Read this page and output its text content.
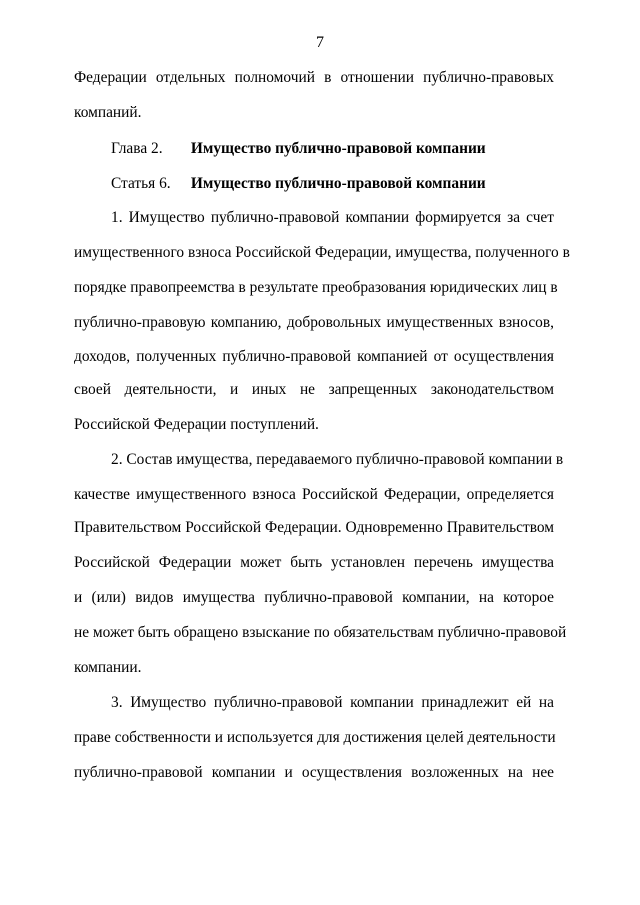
7
Федерации отдельных полномочий в отношении публично-правовых
компаний.
Глава 2. Имущество публично-правовой компании
Статья 6. Имущество публично-правовой компании
1. Имущество публично-правовой компании формируется за счет
имущественного взноса Российской Федерации, имущества, полученного в
порядке правопреемства в результате преобразования юридических лиц в
публично-правовую компанию, добровольных имущественных взносов,
доходов, полученных публично-правовой компанией от осуществления
своей деятельности, и иных не запрещенных законодательством
Российской Федерации поступлений.
2. Состав имущества, передаваемого публично-правовой компании в
качестве имущественного взноса Российской Федерации, определяется
Правительством Российской Федерации. Одновременно Правительством
Российской Федерации может быть установлен перечень имущества
и (или) видов имущества публично-правовой компании, на которое
не может быть обращено взыскание по обязательствам публично-правовой
компании.
3. Имущество публично-правовой компании принадлежит ей на
праве собственности и используется для достижения целей деятельности
публично-правовой компании и осуществления возложенных на нее
